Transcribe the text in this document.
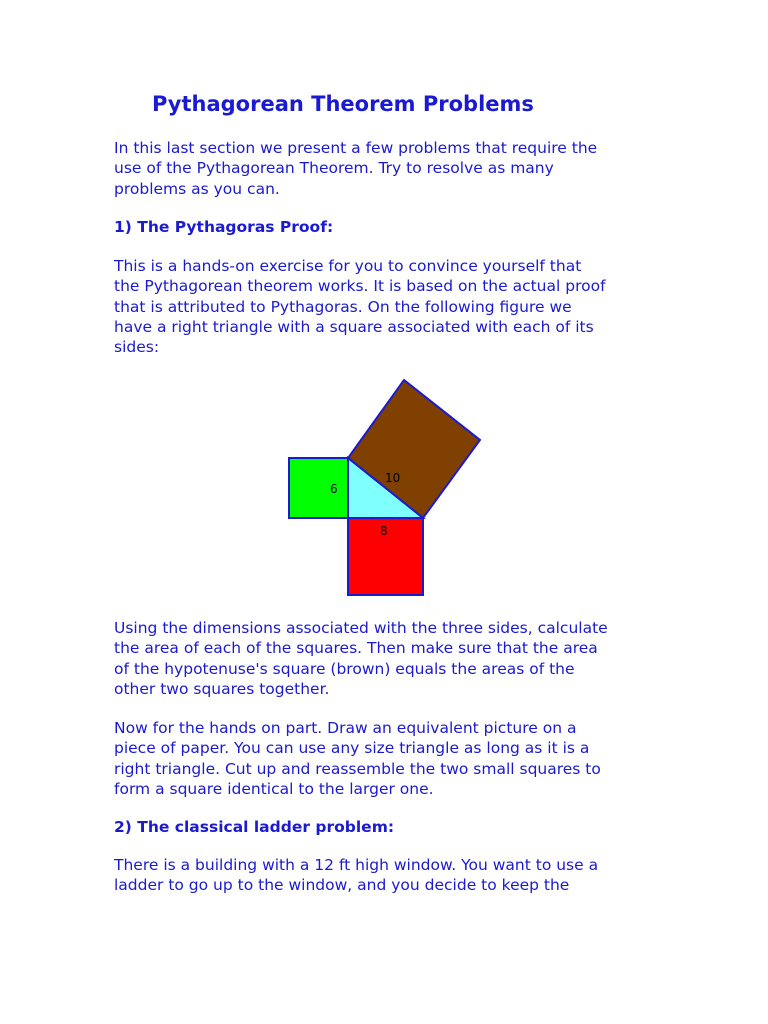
Pythagorean Theorem Problems

In this last section we present a few problems that require the
use of the Pythagorean Theorem. Try to resolve as many
problems as you can.

1) The Pythagoras Proof:

This is a hands-on exercise for you to convince yourself that
the Pythagorean theorem works. It is based on the actual proof
that is attributed to Pythagoras. On the following figure we
have a right triangle with a square associated with each of its
sides:

6
10
8

Using the dimensions associated with the three sides, calculate
the area of each of the squares. Then make sure that the area
of the hypotenuse's square (brown) equals the areas of the
other two squares together.

Now for the hands on part. Draw an equivalent picture on a
piece of paper. You can use any size triangle as long as it is a
right triangle. Cut up and reassemble the two small squares to
form a square identical to the larger one.

2) The classical ladder problem:

There is a building with a 12 ft high window. You want to use a
ladder to go up to the window, and you decide to keep the
